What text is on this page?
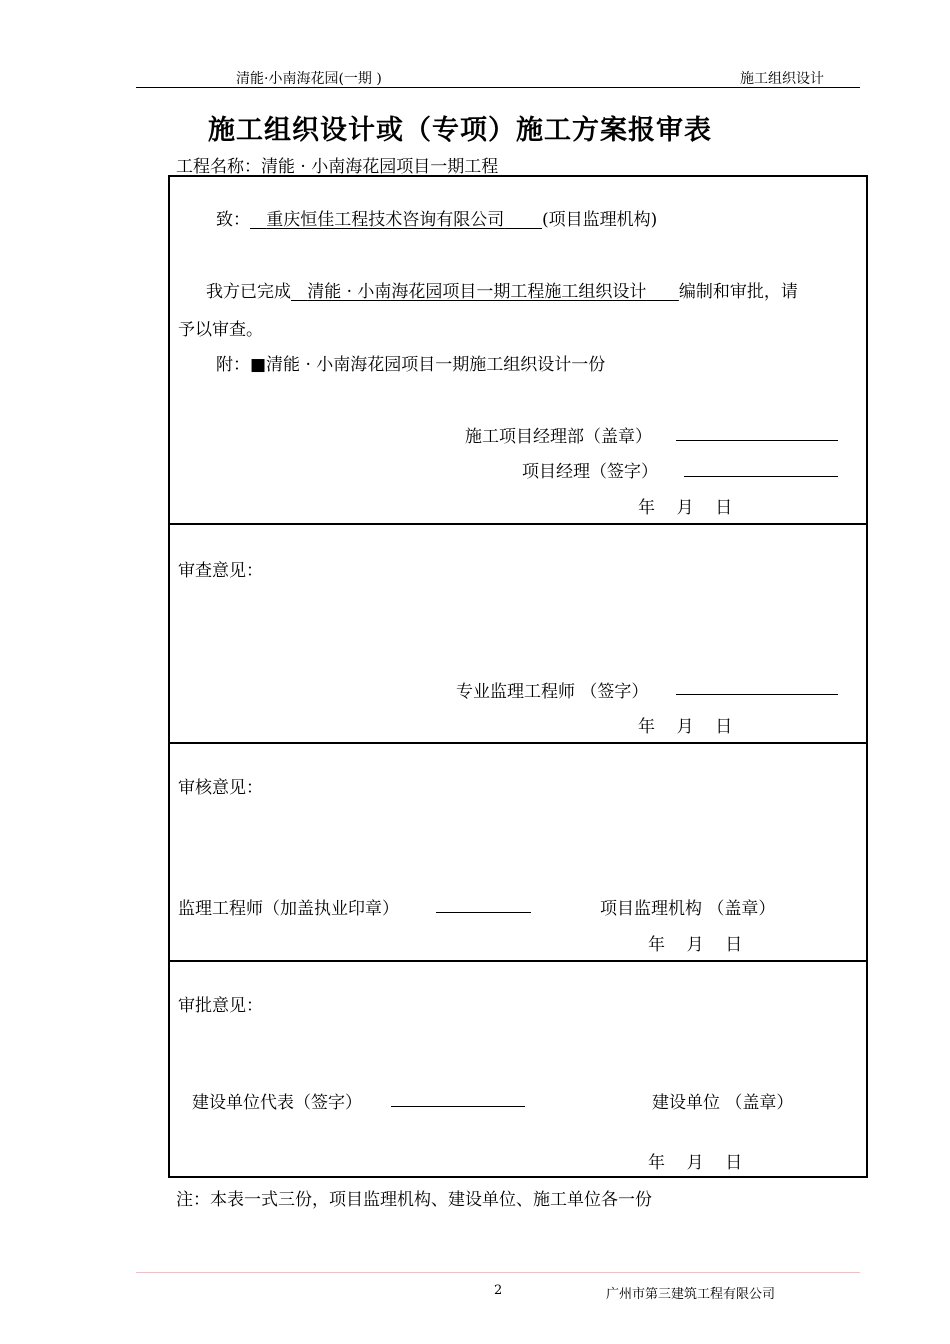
清能·小南海花园(一期 )	施工组织设计
施工组织设计或（专项）施工方案报审表
工程名称：清能 · 小南海花园项目一期工程
致： 重庆恒佳工程技术咨询有限公司 (项目监理机构)
我方已完成 清能 · 小南海花园项目一期工程施工组织设计 编制和审批，请
予以审查。
附：■清能 · 小南海花园项目一期施工组织设计一份
施工项目经理部（盖章）
项目经理（签字）
年    月    日
审查意见：
专业监理工程师 （签字）
年    月    日
审核意见：
监理工程师（加盖执业印章）	项目监理机构 （盖章）
年    月    日
审批意见：
建设单位代表（签字）	建设单位 （盖章）
年    月    日
注：本表一式三份，项目监理机构、建设单位、施工单位各一份
2	广州市第三建筑工程有限公司
